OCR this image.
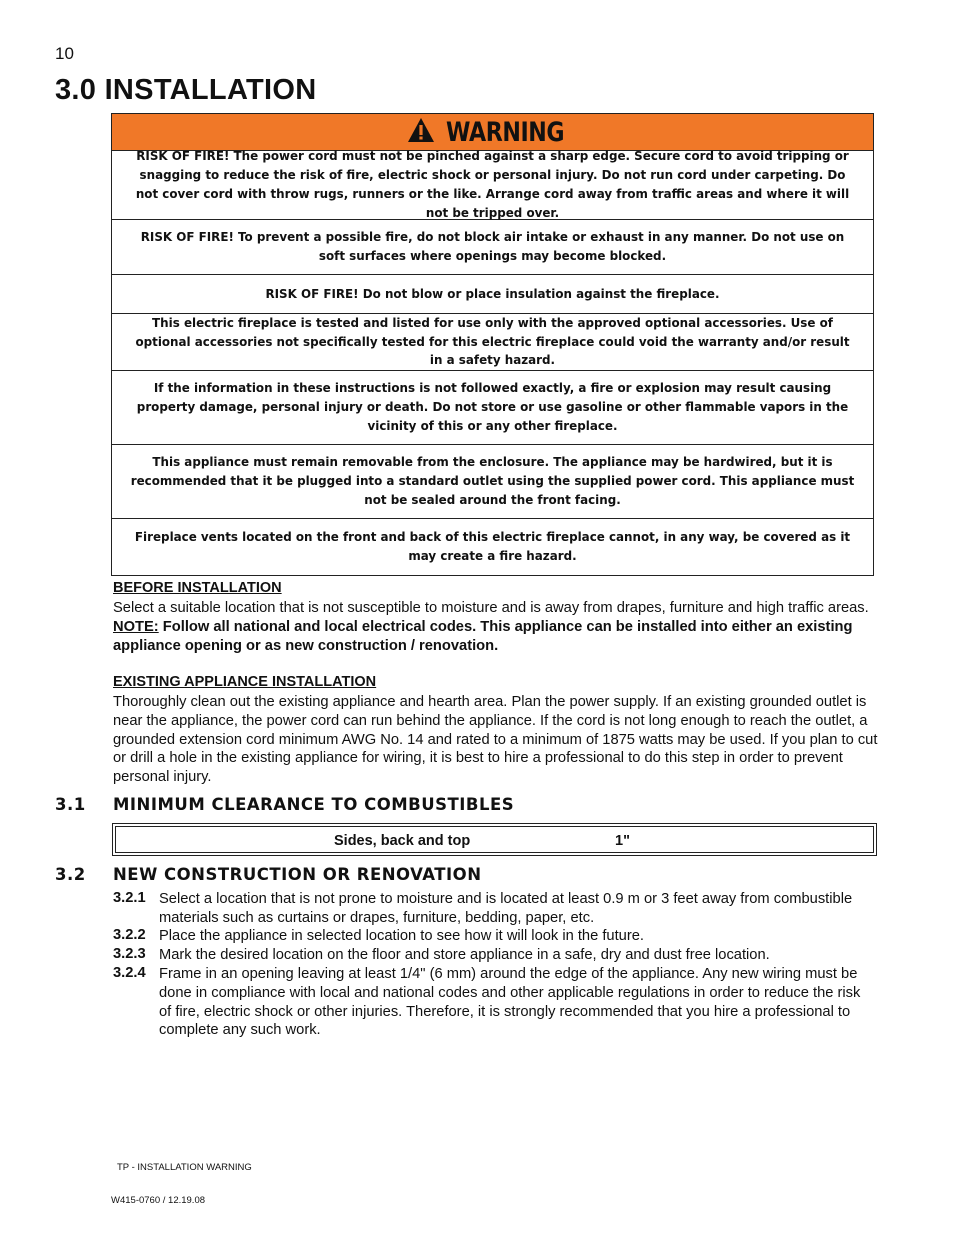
10
3.0 INSTALLATION
WARNING
RISK OF FIRE! The power cord must not be pinched against a sharp edge. Secure cord to avoid tripping or snagging to reduce the risk of fire, electric shock or personal injury. Do not run cord under carpeting. Do not cover cord with throw rugs, runners or the like. Arrange cord away from traffic areas and where it will not be tripped over.
RISK OF FIRE! To prevent a possible fire, do not block air intake or exhaust in any manner. Do not use on soft surfaces where openings may become blocked.
RISK OF FIRE! Do not blow or place insulation against the fireplace.
This electric fireplace is tested and listed for use only with the approved optional accessories. Use of optional accessories not specifically tested for this electric fireplace could void the warranty and/or result in a safety hazard.
If the information in these instructions is not followed exactly, a fire or explosion may result causing property damage, personal injury or death. Do not store or use gasoline or other flammable vapors in the vicinity of this or any other fireplace.
This appliance must remain removable from the enclosure. The appliance may be hardwired, but it is recommended that it be plugged into a standard outlet using the supplied power cord. This appliance must not be sealed around the front facing.
Fireplace vents located on the front and back of this electric fireplace cannot, in any way, be covered as it may create a fire hazard.
BEFORE INSTALLATION
Select a suitable location that is not susceptible to moisture and is away from drapes, furniture and high traffic areas. NOTE: Follow all national and local electrical codes. This appliance can be installed into either an existing appliance opening or as new construction / renovation.
EXISTING APPLIANCE INSTALLATION
Thoroughly clean out the existing appliance and hearth area. Plan the power supply. If an existing grounded outlet is near the appliance, the power cord can run behind the appliance. If the cord is not long enough to reach the outlet, a grounded extension cord minimum AWG No. 14 and rated to a minimum of 1875 watts may be used. If you plan to cut or drill a hole in the existing appliance for wiring, it is best to hire a professional to do this step in order to prevent personal injury.
3.1 MINIMUM CLEARANCE TO COMBUSTIBLES
Sides, back and top	1"
3.2 NEW CONSTRUCTION OR RENOVATION
3.2.1 Select a location that is not prone to moisture and is located at least 0.9 m or 3 feet away from combustible materials such as curtains or drapes, furniture, bedding, paper, etc.
3.2.2 Place the appliance in selected location to see how it will look in the future.
3.2.3 Mark the desired location on the floor and store appliance in a safe, dry and dust free location.
3.2.4 Frame in an opening leaving at least 1/4" (6 mm) around the edge of the appliance. Any new wiring must be done in compliance with local and national codes and other applicable regulations in order to reduce the risk of fire, electric shock or other injuries. Therefore, it is strongly recommended that you hire a professional to complete any such work.
TP - INSTALLATION WARNING
W415-0760 / 12.19.08
